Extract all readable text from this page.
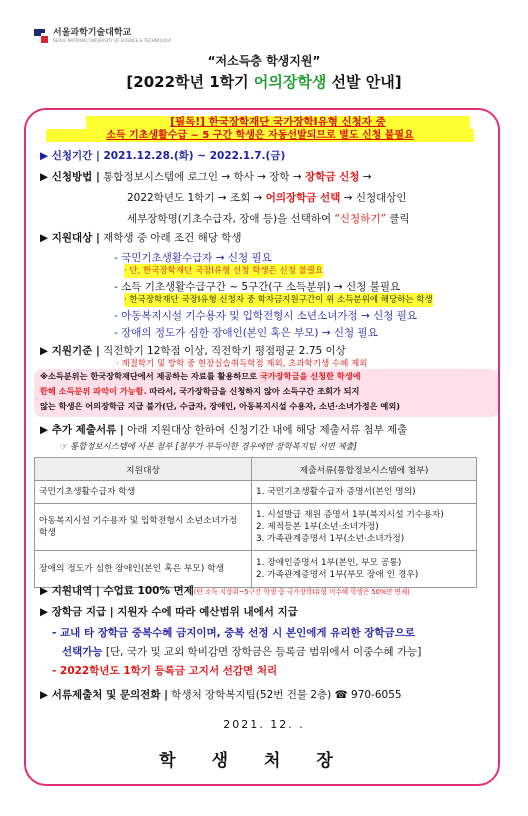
서울과학기술대학교
SEOUL NATIONAL UNIVERSITY OF SCIENCE & TECHNOLOGY
“저소득층 학생지원”
[2022학년 1학기 어의장학생 선발 안내]
[필독!] 한국장학재단 국가장학Ⅰ유형 신청자 중
소득 기초생활수급 ~ 5 구간 학생은 자동선발되므로 별도 신청 불필요
▶ 신청기간 | 2021.12.28.(화) ~ 2022.1.7.(금)
▶ 신청방법 | 통합정보시스템에 로그인 → 학사 → 장학 → 장학금 신청 →
2022학년도 1학기 → 조회 → 어의장학금 선택 → 신청대상인
세부장학명(기초수급자, 장애 등)을 선택하여 “신청하기” 클릭
▶ 지원대상 | 재학생 중 아래 조건 해당 학생
- 국민기초생활수급자 → 신청 필요
· 단, 한국장학재단 국장Ⅰ유형 신청 학생은 신청 불필요
- 소득 기초생활수급구간 ~ 5구간(구 소득분위) → 신청 불필요
· 한국장학재단 국장Ⅰ유형 신청자 중 학자금지원구간이 위 소득분위에 해당하는 학생
- 아동복지시설 기수용자 및 입학전형시 소년소녀가정 → 신청 필요
- 장애의 정도가 심한 장애인(본인 혹은 부모) → 신청 필요
▶ 지원기준 | 직전학기 12학점 이상, 직전학기 평점평균 2.75 이상
· 계절학기 및 방학 중 현장실습취득학점 제외, 초과학기생 수혜 제외
※소득분위는 한국장학재단에서 제공하는 자료를 활용하므로 국가장학금을 신청한 학생에
한해 소득분위 파악이 가능함. 따라서, 국가장학금을 신청하지 않아 소득구간 조회가 되지
않는 학생은 어의장학금 지급 불가(단, 수급자, 장애인, 아동복지시설 수용자, 소년·소녀가정은 예외)
▶ 추가 제출서류 | 아래 지원대상 한하여 신청기간 내에 해당 제출서류 첨부 제출
☞ 통합정보시스템에 사본 첨부 [첨부가 부득이한 경우에만 장학복지팀 서면 제출]
지원대상	제출서류(통합정보시스템에 첨부)
국민기초생활수급자 학생	1. 국민기초생활수급자 증명서(본인 명의)

아동복지시설 기수용자 및 입학전형시 소년소녀가정 학생	1. 시설발급 재원 증명서 1부(복지시설 기수용자)
2. 제적등본 1부(소년·소녀가정)
3. 가족관계증명서 1부(소년·소녀가정)

장애의 정도가 심한 장애인(본인 혹은 부모) 학생	1. 장애인증명서 1부(본인, 부모 공통)
2. 가족관계증명서 1부(부모 장애 인 경우)
▶ 지원내역 | 수업료 100% 면제(단 소득 지상위~5구간 학생 중 국가장학Ⅰ유형 미수혜 학생은 50%만 면제)
▶ 장학금 지급 | 지원자 수에 따라 예산범위 내에서 지급
- 교내 타 장학금 중복수혜 금지이며, 중복 선정 시 본인에게 유리한 장학금으로
선택가능 [단, 국가 및 교외 학비감면 장학금은 등록금 범위에서 이중수혜 가능]
- 2022학년도 1학기 등록금 고지서 선감면 처리
▶ 서류제출처 및 문의전화 | 학생처 장학복지팀(52번 건물 2층) ☎ 970-6055
2021. 12. .
학생처장
